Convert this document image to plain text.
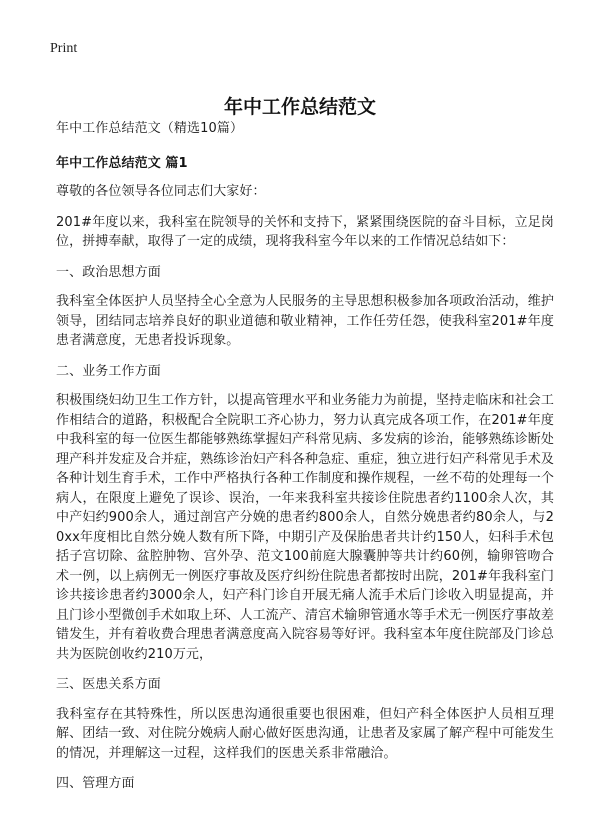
Print
年中工作总结范文

年中工作总结范文（精选10篇）

年中工作总结范文 篇1

尊敬的各位领导各位同志们大家好：

201#年度以来，我科室在院领导的关怀和支持下，紧紧围绕医院的奋斗目标，立足岗位，拼搏奉献，取得了一定的成绩，现将我科室今年以来的工作情况总结如下：

一、政治思想方面

我科室全体医护人员坚持全心全意为人民服务的主导思想积极参加各项政治活动，维护领导，团结同志培养良好的职业道德和敬业精神，工作任劳任怨，使我科室201#年度患者满意度，无患者投诉现象。

二、业务工作方面

积极围绕妇幼卫生工作方针，以提高管理水平和业务能力为前提，坚持走临床和社会工作相结合的道路，积极配合全院职工齐心协力，努力认真完成各项工作，在201#年度中我科室的每一位医生都能够熟练掌握妇产科常见病、多发病的诊治，能够熟练诊断处理产科并发症及合并症，熟练诊治妇产科各种急症、重症，独立进行妇产科常见手术及各种计划生育手术，工作中严格执行各种工作制度和操作规程，一丝不苟的处理每一个病人，在限度上避免了误诊、误治，一年来我科室共接诊住院患者约1100余人次，其中产妇约900余人，通过剖宫产分娩的患者约800余人，自然分娩患者约80余人，与20xx年度相比自然分娩人数有所下降，中期引产及保胎患者共计约150人，妇科手术包括子宫切除、盆腔肿物、宫外孕、范文100前庭大腺囊肿等共计约60例，输卵管吻合术一例，以上病例无一例医疗事故及医疗纠纷住院患者都按时出院，201#年我科室门诊共接诊患者约3000余人，妇产科门诊自开展无痛人流手术后门诊收入明显提高，并且门诊小型微创手术如取上环、人工流产、清宫术输卵管通水等手术无一例医疗事故差错发生，并有着收费合理患者满意度高入院容易等好评。我科室本年度住院部及门诊总共为医院创收约210万元，

三、医患关系方面

我科室存在其特殊性，所以医患沟通很重要也很困难，但妇产科全体医护人员相互理解、团结一致、对住院分娩病人耐心做好医患沟通，让患者及家属了解产程中可能发生的情况，并理解这一过程，这样我们的医患关系非常融洽。

四、管理方面
